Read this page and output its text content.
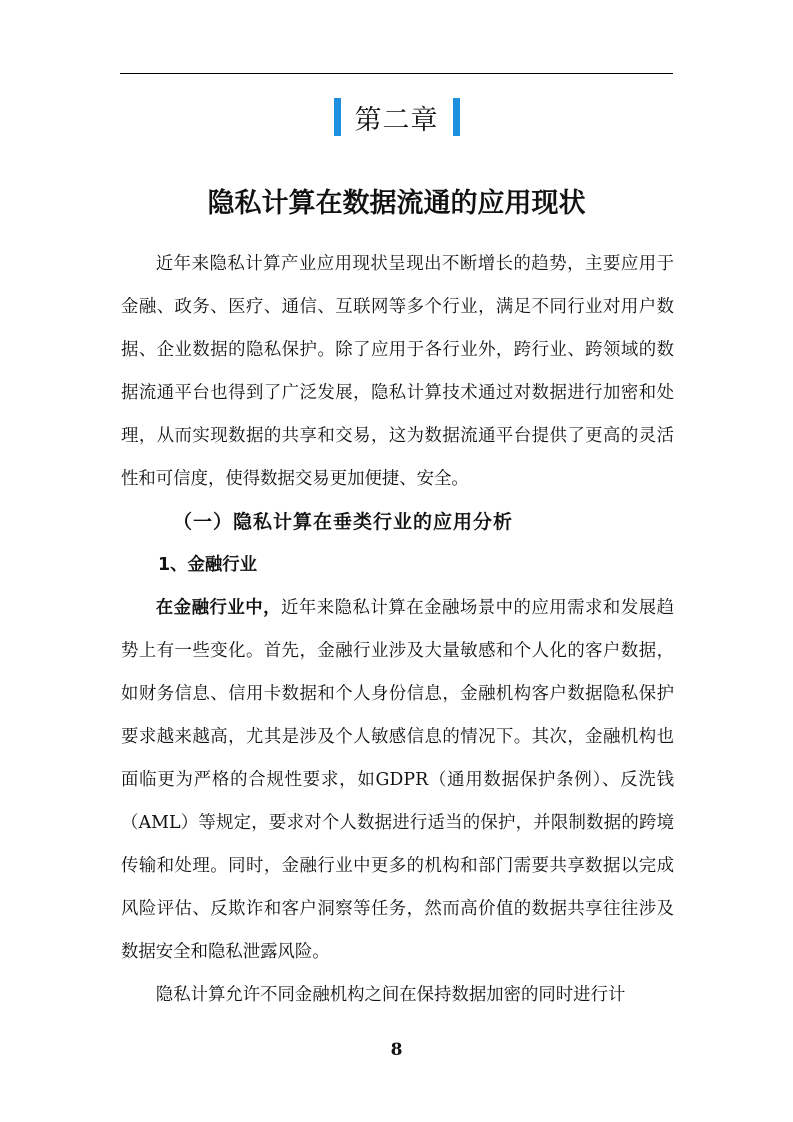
第二章
隐私计算在数据流通的应用现状

近年来隐私计算产业应用现状呈现出不断增长的趋势，主要应用于金融、政务、医疗、通信、互联网等多个行业，满足不同行业对用户数据、企业数据的隐私保护。除了应用于各行业外，跨行业、跨领域的数据流通平台也得到了广泛发展，隐私计算技术通过对数据进行加密和处理，从而实现数据的共享和交易，这为数据流通平台提供了更高的灵活性和可信度，使得数据交易更加便捷、安全。

（一）隐私计算在垂类行业的应用分析

1、金融行业

在金融行业中，近年来隐私计算在金融场景中的应用需求和发展趋势上有一些变化。首先，金融行业涉及大量敏感和个人化的客户数据，如财务信息、信用卡数据和个人身份信息，金融机构客户数据隐私保护要求越来越高，尤其是涉及个人敏感信息的情况下。其次，金融机构也面临更为严格的合规性要求，如GDPR（通用数据保护条例）、反洗钱（AML）等规定，要求对个人数据进行适当的保护，并限制数据的跨境传输和处理。同时，金融行业中更多的机构和部门需要共享数据以完成风险评估、反欺诈和客户洞察等任务，然而高价值的数据共享往往涉及数据安全和隐私泄露风险。

隐私计算允许不同金融机构之间在保持数据加密的同时进行计

8
